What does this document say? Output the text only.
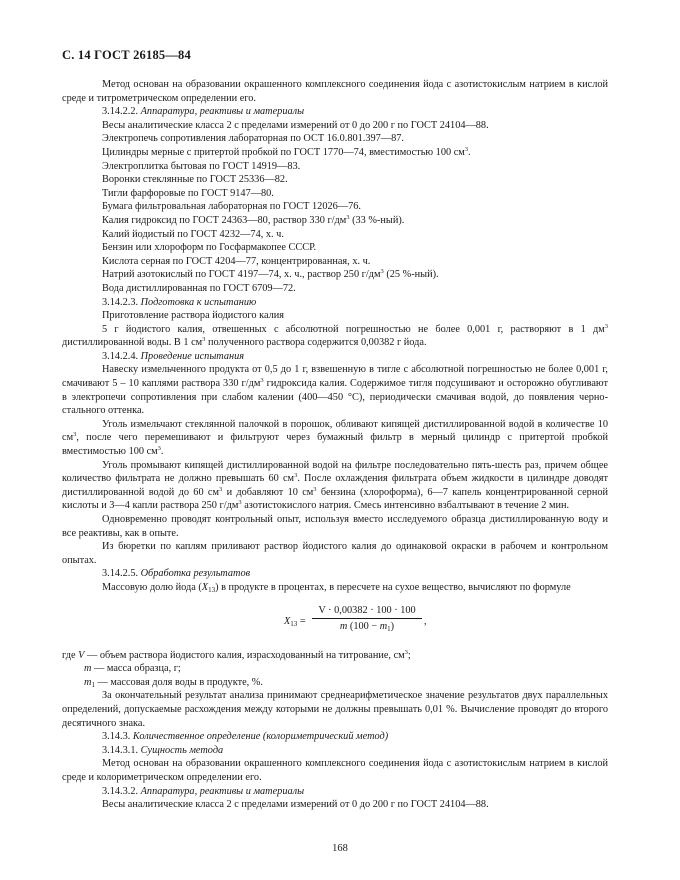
С. 14 ГОСТ 26185—84

Метод основан на образовании окрашенного комплексного соединения йода с азотистокислым натрием в кислой среде и титрометрическом определении его.

3.14.2.2. Аппаратура, реактивы и материалы

Весы аналитические класса 2 с пределами измерений от 0 до 200 г по ГОСТ 24104—88.

Электропечь сопротивления лабораторная по ОСТ 16.0.801.397—87.

Цилиндры мерные с притертой пробкой по ГОСТ 1770—74, вместимостью 100 $см^3$.

Электроплитка бытовая по ГОСТ 14919—83.

Воронки стеклянные по ГОСТ 25336—82.

Тигли фарфоровые по ГОСТ 9147—80.

Бумага фильтровальная лабораторная по ГОСТ 12026—76.

Калия гидроксид по ГОСТ 24363—80, раствор 330 $г/дм^3$ (33 %-ный).

Калий йодистый по ГОСТ 4232—74, х. ч.

Бензин или хлороформ по Госфармакопее СССР.

Кислота серная по ГОСТ 4204—77, концентрированная, х. ч.

Натрий азотокислый по ГОСТ 4197—74, х. ч., раствор 250 $г/дм^3$ (25 %-ный).

Вода дистиллированная по ГОСТ 6709—72.

3.14.2.3. Подготовка к испытанию

Приготовление раствора йодистого калия

5 г йодистого калия, отвешенных с абсолютной погрешностью не более 0,001 г, растворяют в 1 $дм^3$ дистиллированной воды. В 1 $см^3$ полученного раствора содержится 0,00382 г йода.

3.14.2.4. Проведение испытания

Навеску измельченного продукта от 0,5 до 1 г, взвешенную в тигле с абсолютной погрешностью не более 0,001 г, смачивают 5 – 10 каплями раствора 330 $г/дм^3$ гидроксида калия. Содержимое тигля подсушивают и осторожно обугливают в электропечи сопротивления при слабом калении (400—450 °С), периодически смачивая водой, до появления черно-стального оттенка.

Уголь измельчают стеклянной палочкой в порошок, обливают кипящей дистиллированной водой в количестве 10 $см^3$, после чего перемешивают и фильтруют через бумажный фильтр в мерный цилиндр с притертой пробкой вместимостью 100 $см^3$.

Уголь промывают кипящей дистиллированной водой на фильтре последовательно пять-шесть раз, причем общее количество фильтрата не должно превышать 60 $см^3$. После охлаждения фильтрата объем жидкости в цилиндре доводят дистиллированной водой до 60 $см^3$ и добавляют 10 $см^3$ бензина (хлороформа), 6—7 капель концентрированной серной кислоты и 3—4 капли раствора 250 $г/дм^3$ азотистокислого натрия. Смесь интенсивно взбалтывают в течение 2 мин.

Одновременно проводят контрольный опыт, используя вместо исследуемого образца дистиллированную воду и все реактивы, как в опыте.

Из бюретки по каплям приливают раствор йодистого калия до одинаковой окраски в рабочем и контрольном опытах.

3.14.2.5. Обработка результатов

Массовую долю йода $(X_{13})$ в продукте в процентах, в пересчете на сухое вещество, вычисляют по формуле

$X_{13} = \frac{V \cdot 0,00382 \cdot 100 \cdot 100}{m (100 - m_1)}$ ,

где V — объем раствора йодистого калия, израсходованный на титрование, $см^3$;

m — масса образца, г;

$m_1$ — массовая доля воды в продукте, %.

За окончательный результат анализа принимают среднеарифметическое значение результатов двух параллельных определений, допускаемые расхождения между которыми не должны превышать 0,01 %. Вычисление проводят до второго десятичного знака.

3.14.3. Количественное определение (колориметрический метод)

3.14.3.1. Сущность метода

Метод основан на образовании окрашенного комплексного соединения йода с азотистокислым натрием в кислой среде и колориметрическом определении его.

3.14.3.2. Аппаратура, реактивы и материалы

Весы аналитические класса 2 с пределами измерений от 0 до 200 г по ГОСТ 24104—88.

168
